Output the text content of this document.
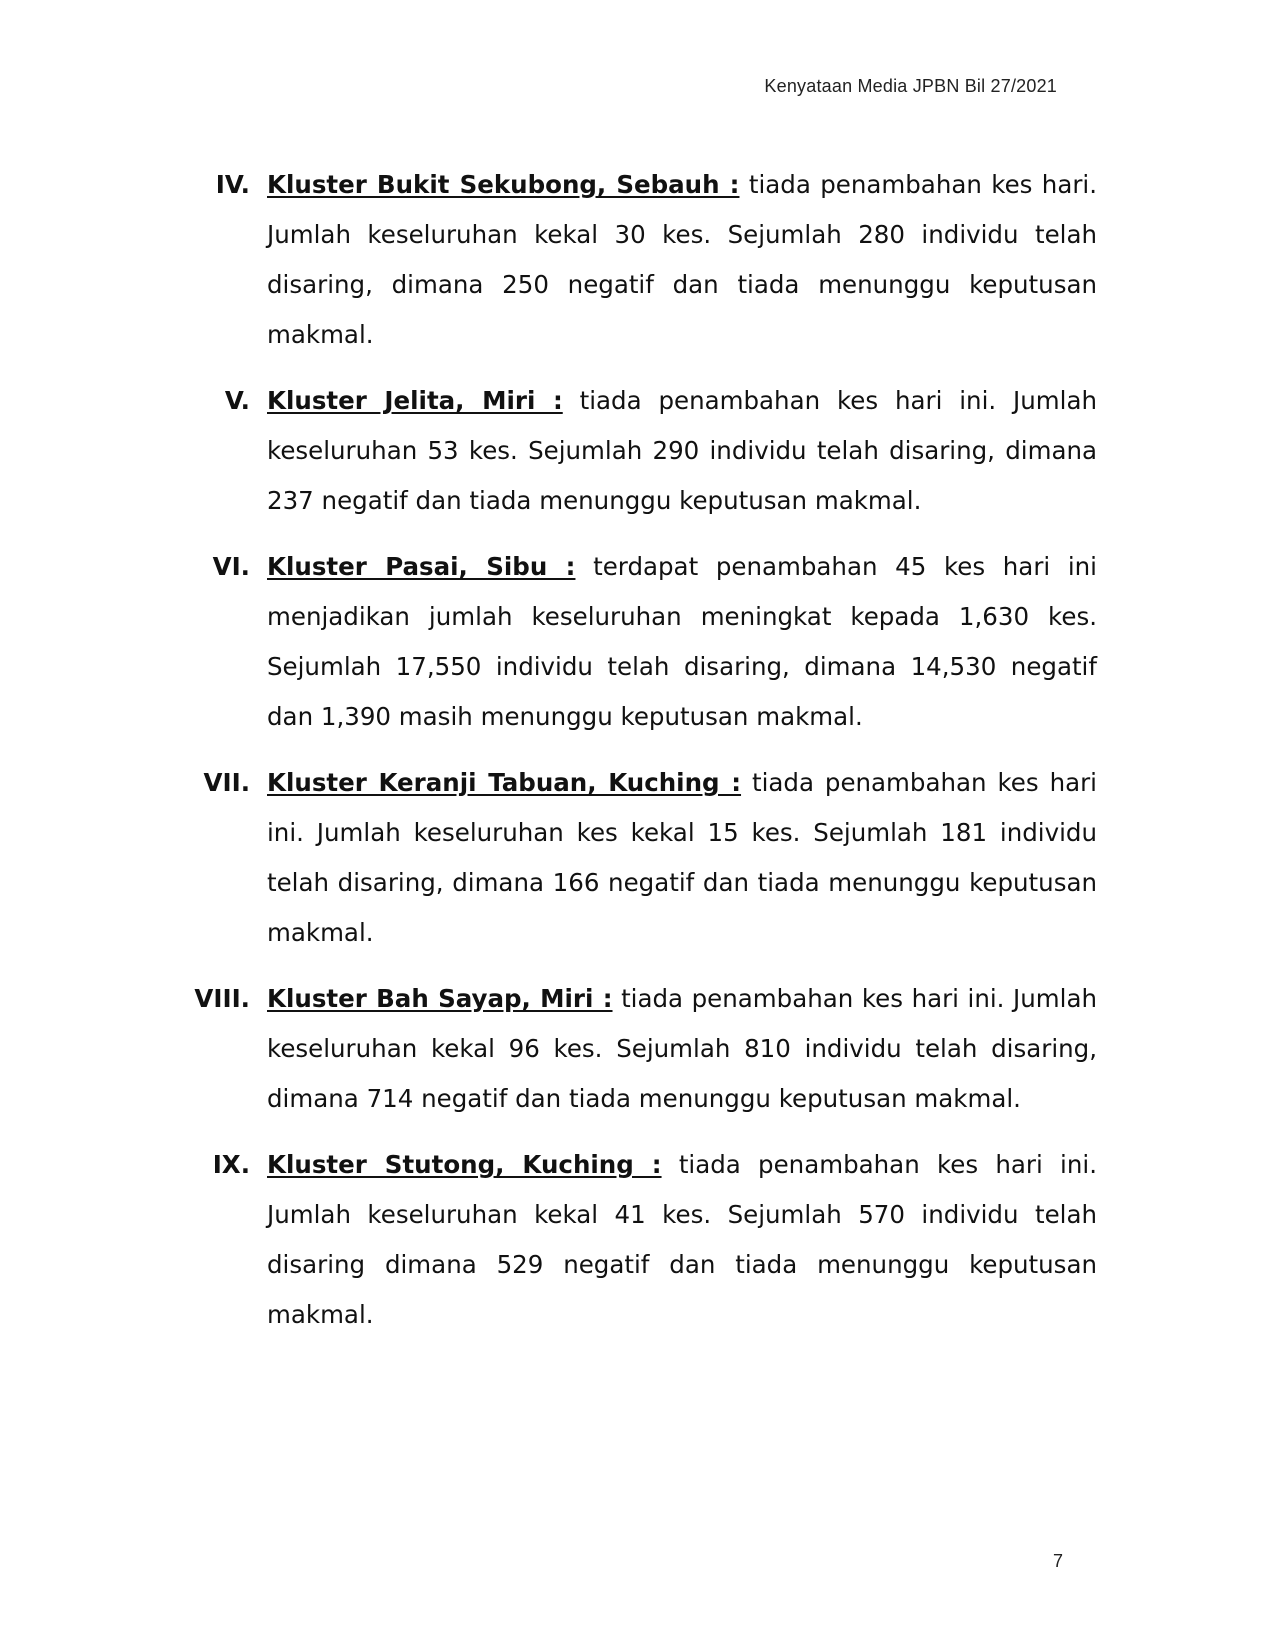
Kenyataan Media JPBN Bil 27/2021
IV. Kluster Bukit Sekubong, Sebauh : tiada penambahan kes hari. Jumlah keseluruhan kekal 30 kes. Sejumlah 280 individu telah disaring, dimana 250 negatif dan tiada menunggu keputusan makmal.
V. Kluster Jelita, Miri : tiada penambahan kes hari ini. Jumlah keseluruhan 53 kes. Sejumlah 290 individu telah disaring, dimana 237 negatif dan tiada menunggu keputusan makmal.
VI. Kluster Pasai, Sibu : terdapat penambahan 45 kes hari ini menjadikan jumlah keseluruhan meningkat kepada 1,630 kes. Sejumlah 17,550 individu telah disaring, dimana 14,530 negatif dan 1,390 masih menunggu keputusan makmal.
VII. Kluster Keranji Tabuan, Kuching : tiada penambahan kes hari ini. Jumlah keseluruhan kes kekal 15 kes. Sejumlah 181 individu telah disaring, dimana 166 negatif dan tiada menunggu keputusan makmal.
VIII. Kluster Bah Sayap, Miri : tiada penambahan kes hari ini. Jumlah keseluruhan kekal 96 kes. Sejumlah 810 individu telah disaring, dimana 714 negatif dan tiada menunggu keputusan makmal.
IX. Kluster Stutong, Kuching : tiada penambahan kes hari ini. Jumlah keseluruhan kekal 41 kes. Sejumlah 570 individu telah disaring dimana 529 negatif dan tiada menunggu keputusan makmal.
7
